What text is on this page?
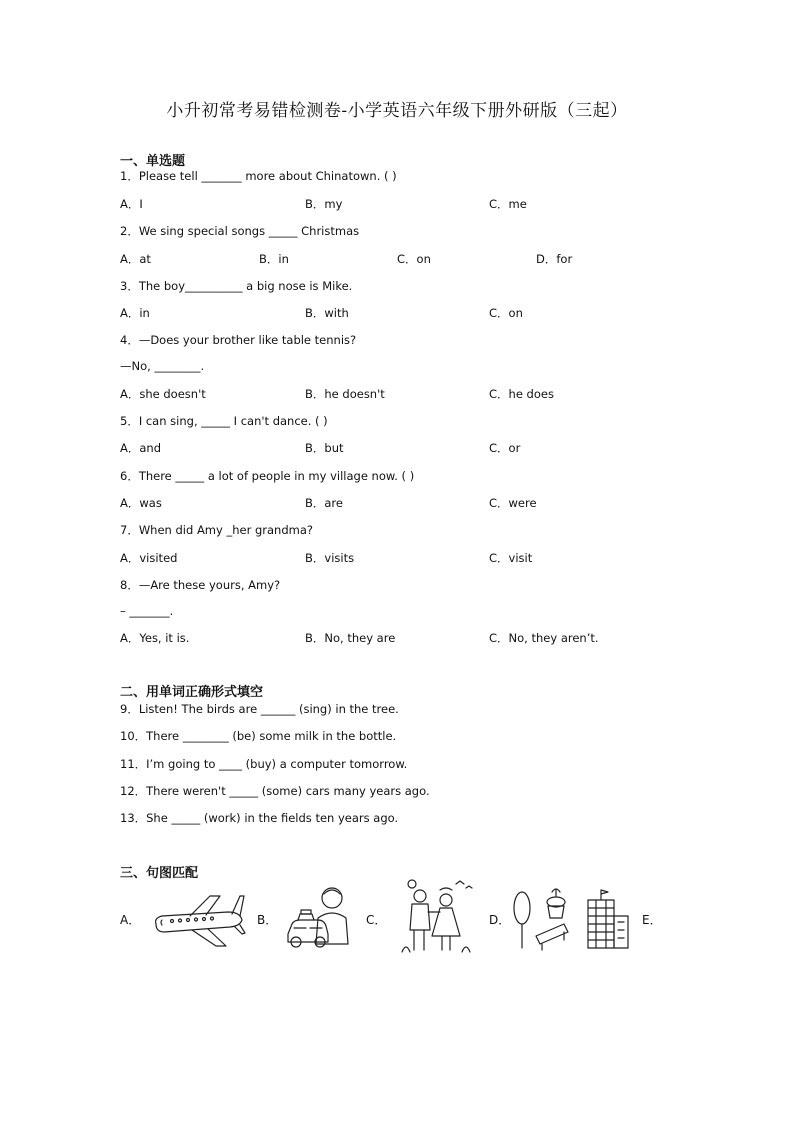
小升初常考易错检测卷-小学英语六年级下册外研版（三起）
一、单选题
1．Please tell _______ more about Chinatown. ( )
A．I	B．my	C．me
2．We sing special songs _____ Christmas
A．at	B．in	C．on	D．for
3．The boy__________ a big nose is Mike.
A．in	B．with	C．on
4．—Does your brother like table tennis?
—No, ________.
A．she doesn't	B．he doesn't	C．he does
5．I can sing, _____ I can't dance. ( )
A．and	B．but	C．or
6．There _____ a lot of people in my village now. ( )
A．was	B．are	C．were
7．When did Amy _her grandma?
A．visited	B．visits	C．visit
8．—Are these yours, Amy?
– _______.
A．Yes, it is.	B．No, they are	C．No, they aren’t.
二、用单词正确形式填空
9．Listen! The birds are ______ (sing) in the tree.
10．There ________ (be) some milk in the bottle.
11．I’m going to ____ (buy) a computer tomorrow.
12．There weren't _____ (some) cars many years ago.
13．She _____ (work) in the fields ten years ago.
三、句图匹配
A．	B．	C．	D．	E．
